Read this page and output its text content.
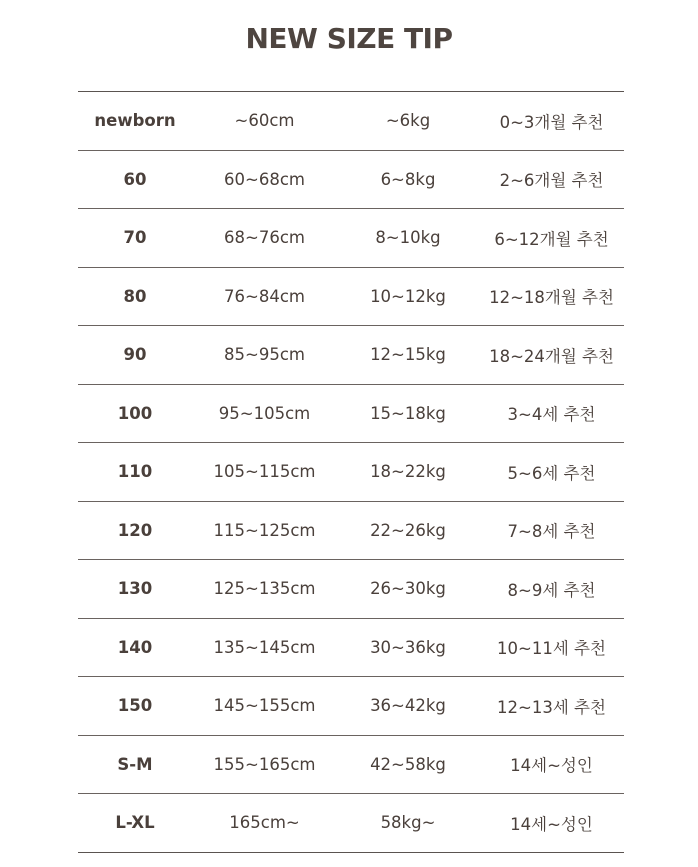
NEW SIZE TIP
newborn	~60cm	~6kg	0~3개월 추천
60	60~68cm	6~8kg	2~6개월 추천
70	68~76cm	8~10kg	6~12개월 추천
80	76~84cm	10~12kg	12~18개월 추천
90	85~95cm	12~15kg	18~24개월 추천
100	95~105cm	15~18kg	3~4세 추천
110	105~115cm	18~22kg	5~6세 추천
120	115~125cm	22~26kg	7~8세 추천
130	125~135cm	26~30kg	8~9세 추천
140	135~145cm	30~36kg	10~11세 추천
150	145~155cm	36~42kg	12~13세 추천
S-M	155~165cm	42~58kg	14세~성인
L-XL	165cm~	58kg~	14세~성인
